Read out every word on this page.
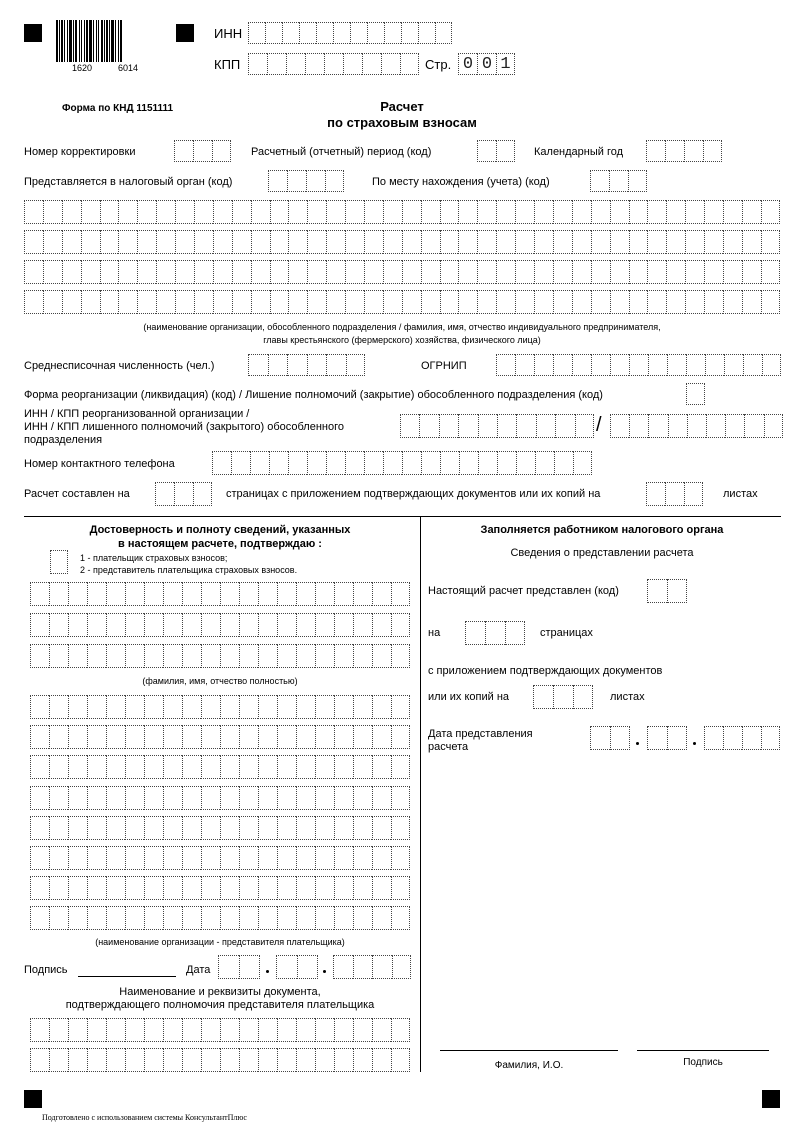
1620	6014
ИНН
КПП	Стр. 0 0 1
Форма по КНД 1151111	Расчет
по страховым взносам
Номер корректировки	Расчетный (отчетный) период (код)	Календарный год
Представляется в налоговый орган (код)	По месту нахождения (учета) (код)
(наименование организации, обособленного подразделения / фамилия, имя, отчество индивидуального предпринимателя,
главы крестьянского (фермерского) хозяйства, физического лица)
Среднесписочная численность (чел.)	ОГРНИП
Форма реорганизации (ликвидация) (код) / Лишение полномочий (закрытие) обособленного подразделения (код)
ИНН / КПП реорганизованной организации /
ИНН / КПП лишенного полномочий (закрытого) обособленного
подразделения
/
Номер контактного телефона
Расчет составлен на	страницах с приложением подтверждающих документов или их копий на	листах
Достоверность и полноту сведений, указанных
в настоящем расчете, подтверждаю :
1 - плательщик страховых взносов;
2 - представитель плательщика страховых взносов.
(фамилия, имя, отчество полностью)
(наименование организации - представителя плательщика)
Подпись	Дата
Наименование и реквизиты документа,
подтверждающего полномочия представителя плательщика
Заполняется работником налогового органа
Сведения о представлении расчета
Настоящий расчет представлен (код)
на	страницах
с приложением подтверждающих документов
или их копий на	листах
Дата представления
расчета
Фамилия, И.О.	Подпись
Подготовлено с использованием системы КонсультантПлюс
